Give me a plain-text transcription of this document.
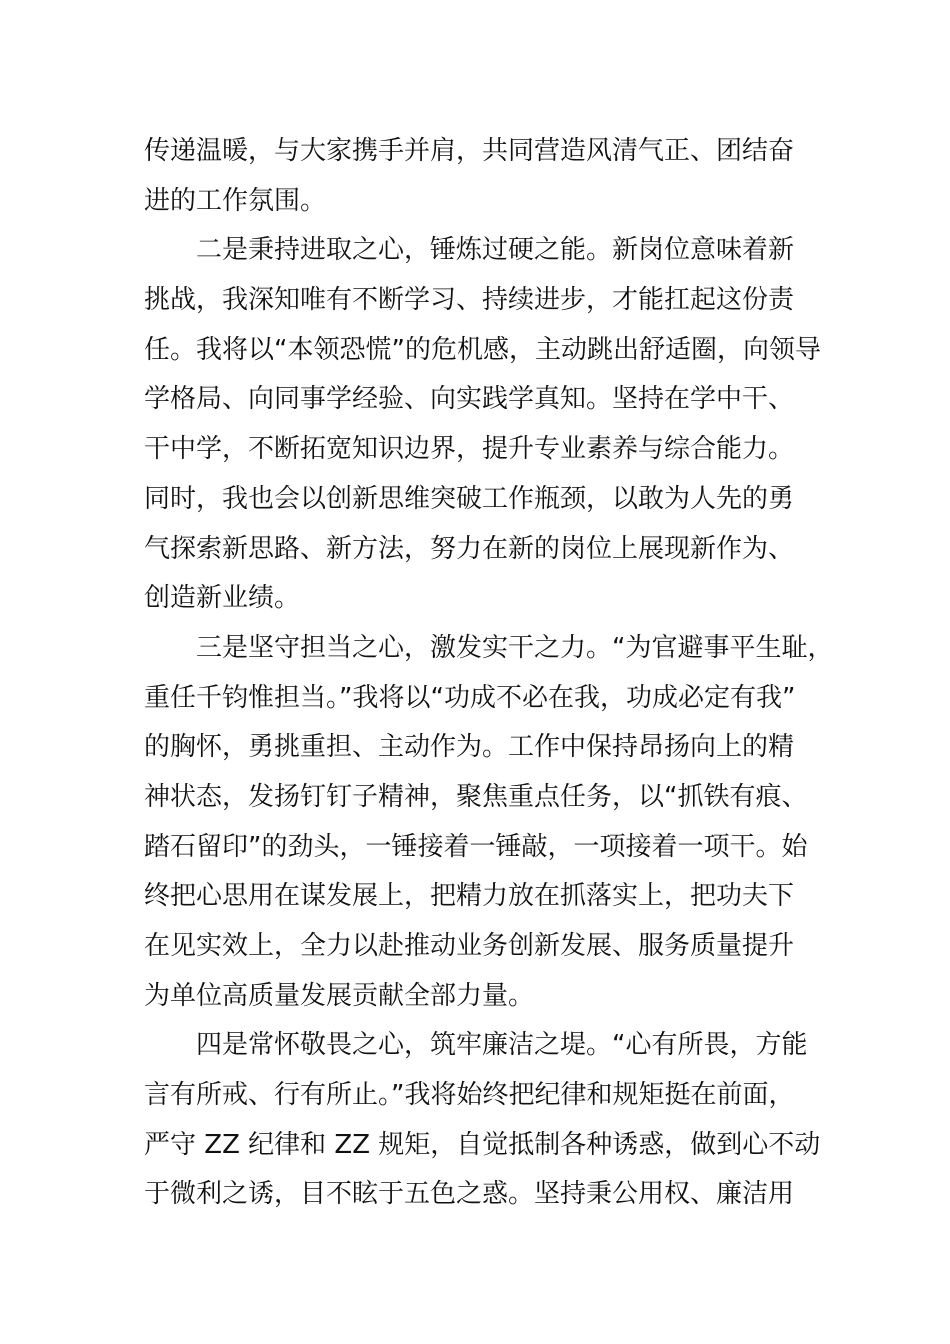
传递温暖，与大家携手并肩，共同营造风清气正、团结奋
进的工作氛围。
二是秉持进取之心，锤炼过硬之能。新岗位意味着新
挑战，我深知唯有不断学习、持续进步，才能扛起这份责
任。我将以“本领恐慌”的危机感，主动跳出舒适圈，向领导
学格局、向同事学经验、向实践学真知。坚持在学中干、
干中学，不断拓宽知识边界，提升专业素养与综合能力。
同时，我也会以创新思维突破工作瓶颈，以敢为人先的勇
气探索新思路、新方法，努力在新的岗位上展现新作为、
创造新业绩。
三是坚守担当之心，激发实干之力。“为官避事平生耻，
重任千钧惟担当。”我将以“功成不必在我，功成必定有我”
的胸怀，勇挑重担、主动作为。工作中保持昂扬向上的精
神状态，发扬钉钉子精神，聚焦重点任务，以“抓铁有痕、
踏石留印”的劲头，一锤接着一锤敲，一项接着一项干。始
终把心思用在谋发展上，把精力放在抓落实上，把功夫下
在见实效上，全力以赴推动业务创新发展、服务质量提升
为单位高质量发展贡献全部力量。
四是常怀敬畏之心，筑牢廉洁之堤。“心有所畏，方能
言有所戒、行有所止。”我将始终把纪律和规矩挺在前面，
严守 ZZ 纪律和 ZZ 规矩，自觉抵制各种诱惑，做到心不动
于微利之诱，目不眩于五色之惑。坚持秉公用权、廉洁用
